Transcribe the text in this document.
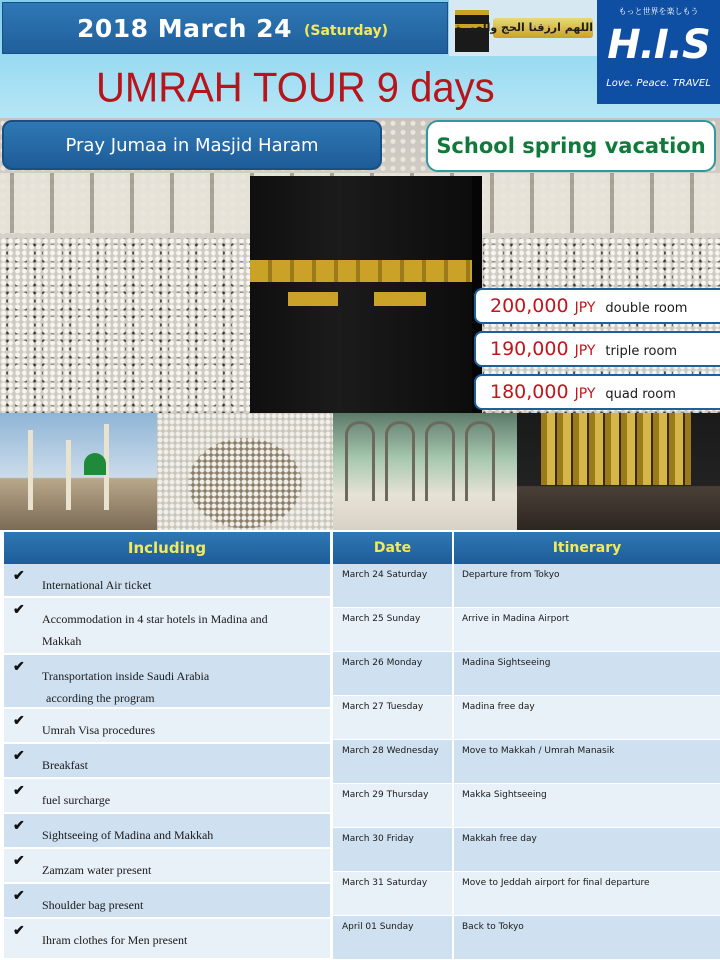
2018 March 24 (Saturday)	اللهم ارزقنا الحج والعمرة
もっと世界を楽しもう
H.I.S
Love. Peace. TRAVEL
UMRAH TOUR 9 days
Pray Jumaa in Masjid Haram	School spring vacation
200,000 JPY double room
190,000 JPY triple room
180,000 JPY quad room
Including
✔
International Air ticket
✔
Accommodation in 4 star hotels in Madina and
Makkah
✔
Transportation inside Saudi Arabia
according the program
✔
Umrah Visa procedures
✔
Breakfast
✔
fuel surcharge
✔
Sightseeing of Madina and Makkah
✔
Zamzam water present
✔
Shoulder bag present
✔
Ihram clothes for Men present
Date	Itinerary
March 24 Saturday	Departure from Tokyo
March 25 Sunday	Arrive in Madina Airport
March 26 Monday	Madina Sightseeing
March 27 Tuesday	Madina free day
March 28 Wednesday	Move to Makkah / Umrah Manasik
March 29 Thursday	Makka Sightseeing
March 30 Friday	Makkah free day
March 31 Saturday	Move to Jeddah airport for final departure
April 01 Sunday	Back to Tokyo
